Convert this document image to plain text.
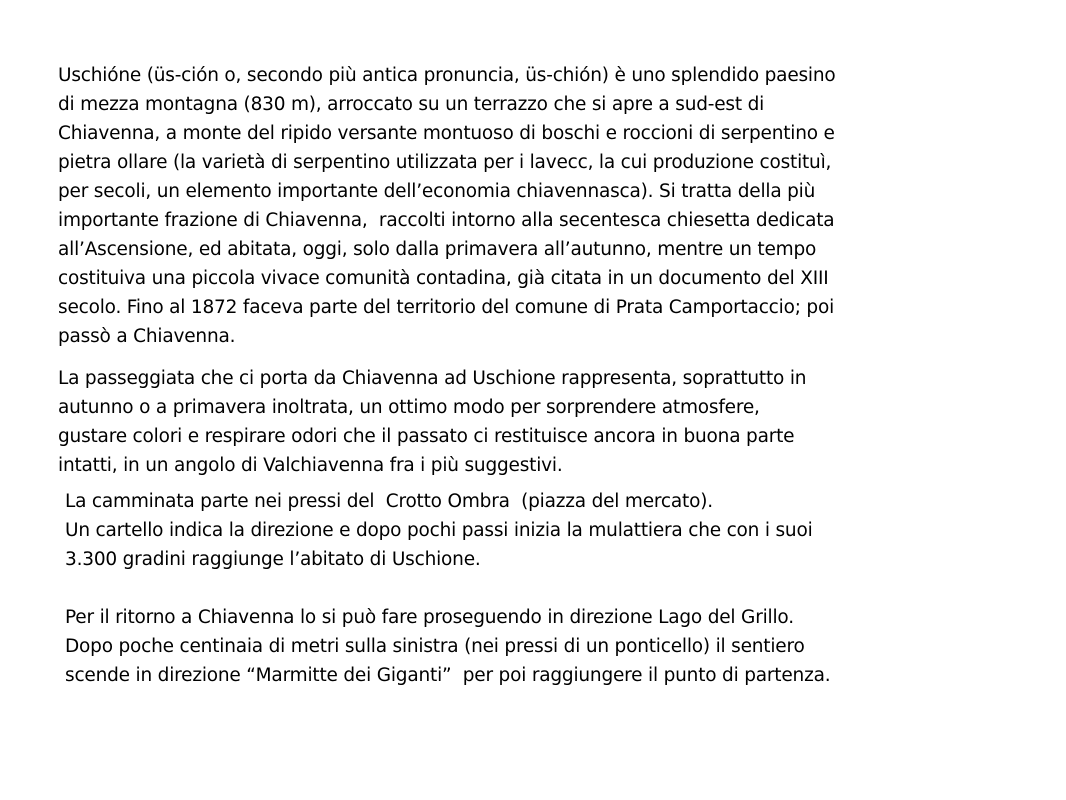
Uschióne (üs-ción o, secondo più antica pronuncia, üs-chión) è uno splendido paesino
di mezza montagna (830 m), arroccato su un terrazzo che si apre a sud-est di
Chiavenna, a monte del ripido versante montuoso di boschi e roccioni di serpentino e
pietra ollare (la varietà di serpentino utilizzata per i lavecc, la cui produzione costituì,
per secoli, un elemento importante dell’economia chiavennasca). Si tratta della più
importante frazione di Chiavenna,  raccolti intorno alla secentesca chiesetta dedicata
all’Ascensione, ed abitata, oggi, solo dalla primavera all’autunno, mentre un tempo
costituiva una piccola vivace comunità contadina, già citata in un documento del XIII
secolo. Fino al 1872 faceva parte del territorio del comune di Prata Camportaccio; poi
passò a Chiavenna.
La passeggiata che ci porta da Chiavenna ad Uschione rappresenta, soprattutto in
autunno o a primavera inoltrata, un ottimo modo per sorprendere atmosfere,
gustare colori e respirare odori che il passato ci restituisce ancora in buona parte
intatti, in un angolo di Valchiavenna fra i più suggestivi.
La camminata parte nei pressi del  Crotto Ombra  (piazza del mercato).
Un cartello indica la direzione e dopo pochi passi inizia la mulattiera che con i suoi
3.300 gradini raggiunge l’abitato di Uschione.
Per il ritorno a Chiavenna lo si può fare proseguendo in direzione Lago del Grillo.
Dopo poche centinaia di metri sulla sinistra (nei pressi di un ponticello) il sentiero
scende in direzione “Marmitte dei Giganti”  per poi raggiungere il punto di partenza.
